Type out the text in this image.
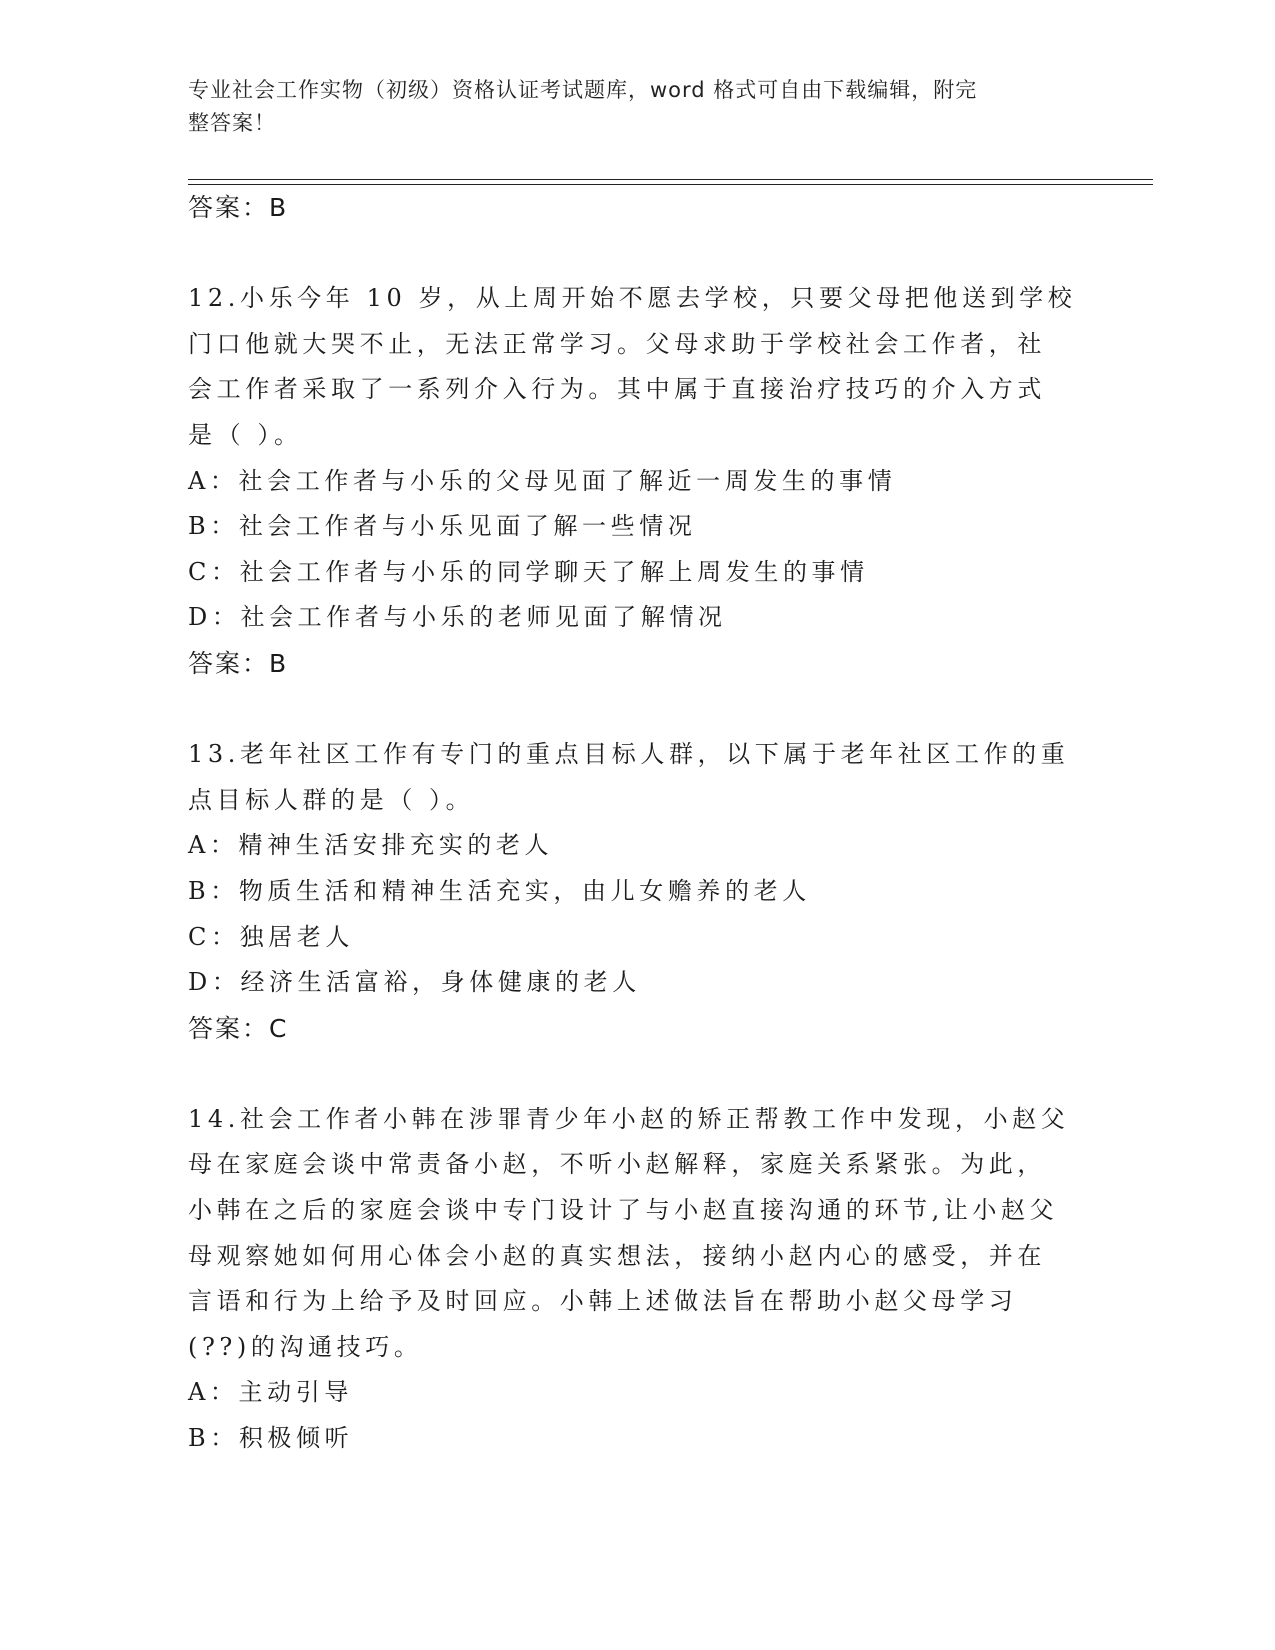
专业社会工作实物（初级）资格认证考试题库，word 格式可自由下载编辑，附完
整答案！
答案：B
12.小乐今年 10 岁，从上周开始不愿去学校，只要父母把他送到学校
门口他就大哭不止，无法正常学习。父母求助于学校社会工作者，社
会工作者采取了一系列介入行为。其中属于直接治疗技巧的介入方式
是（ ）。
A：社会工作者与小乐的父母见面了解近一周发生的事情
B：社会工作者与小乐见面了解一些情况
C：社会工作者与小乐的同学聊天了解上周发生的事情
D：社会工作者与小乐的老师见面了解情况
答案：B
13.老年社区工作有专门的重点目标人群，以下属于老年社区工作的重
点目标人群的是（ ）。
A：精神生活安排充实的老人
B：物质生活和精神生活充实，由儿女赡养的老人
C：独居老人
D：经济生活富裕，身体健康的老人
答案：C
14.社会工作者小韩在涉罪青少年小赵的矫正帮教工作中发现，小赵父
母在家庭会谈中常责备小赵，不听小赵解释，家庭关系紧张。为此，
小韩在之后的家庭会谈中专门设计了与小赵直接沟通的环节,让小赵父
母观察她如何用心体会小赵的真实想法，接纳小赵内心的感受，并在
言语和行为上给予及时回应。小韩上述做法旨在帮助小赵父母学习
(??)的沟通技巧。
A：主动引导
B：积极倾听
